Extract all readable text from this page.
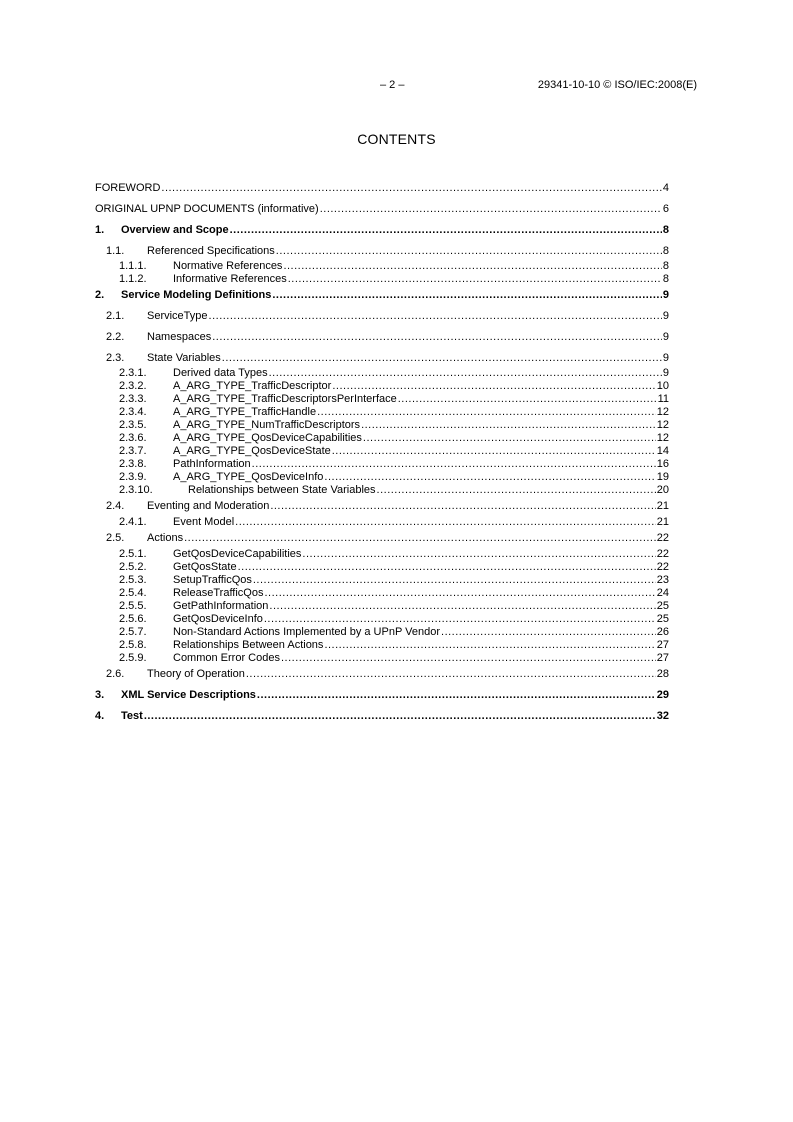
– 2 –	29341-10-10 © ISO/IEC:2008(E)
CONTENTS
FOREWORD .....	4
ORIGINAL UPNP DOCUMENTS (informative) .....	6
1.	Overview and Scope .....	8
1.1.	Referenced Specifications .....	8
1.1.1.	Normative References .....	8
1.1.2.	Informative References .....	8
2.	Service Modeling Definitions .....	9
2.1.	ServiceType .....	9
2.2.	Namespaces .....	9
2.3.	State Variables .....	9
2.3.1.	Derived data Types .....	9
2.3.2.	A_ARG_TYPE_TrafficDescriptor .....	10
2.3.3.	A_ARG_TYPE_TrafficDescriptorsPerInterface .....	11
2.3.4.	A_ARG_TYPE_TrafficHandle .....	12
2.3.5.	A_ARG_TYPE_NumTrafficDescriptors .....	12
2.3.6.	A_ARG_TYPE_QosDeviceCapabilities .....	12
2.3.7.	A_ARG_TYPE_QosDeviceState .....	14
2.3.8.	PathInformation .....	16
2.3.9.	A_ARG_TYPE_QosDeviceInfo .....	19
2.3.10.	Relationships between State Variables .....	20
2.4.	Eventing and Moderation .....	21
2.4.1.	Event Model .....	21
2.5.	Actions .....	22
2.5.1.	GetQosDeviceCapabilities .....	22
2.5.2.	GetQosState .....	22
2.5.3.	SetupTrafficQos .....	23
2.5.4.	ReleaseTrafficQos .....	24
2.5.5.	GetPathInformation .....	25
2.5.6.	GetQosDeviceInfo .....	25
2.5.7.	Non-Standard Actions Implemented by a UPnP Vendor .....	26
2.5.8.	Relationships Between Actions .....	27
2.5.9.	Common Error Codes .....	27
2.6.	Theory of Operation .....	28
3.	XML Service Descriptions .....	29
4.	Test .....	32
